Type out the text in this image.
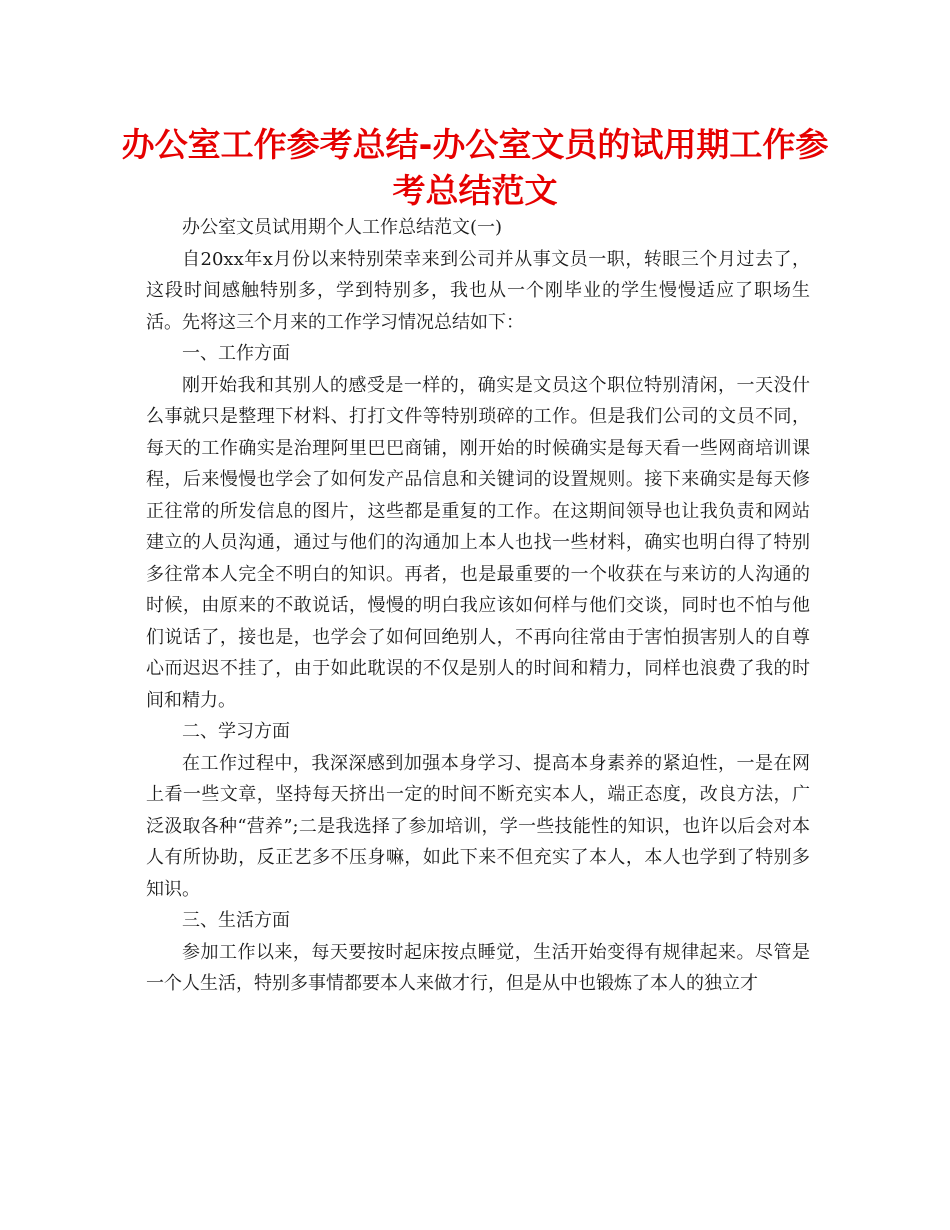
办公室工作参考总结-办公室文员的试用期工作参考总结范文

办公室文员试用期个人工作总结范文(一)

自20xx年x月份以来特别荣幸来到公司并从事文员一职，转眼三个月过去了，这段时间感触特别多，学到特别多，我也从一个刚毕业的学生慢慢适应了职场生活。先将这三个月来的工作学习情况总结如下：

一、工作方面

刚开始我和其别人的感受是一样的，确实是文员这个职位特别清闲，一天没什么事就只是整理下材料、打打文件等特别琐碎的工作。但是我们公司的文员不同，每天的工作确实是治理阿里巴巴商铺，刚开始的时候确实是每天看一些网商培训课程，后来慢慢也学会了如何发产品信息和关键词的设置规则。接下来确实是每天修正往常的所发信息的图片，这些都是重复的工作。在这期间领导也让我负责和网站建立的人员沟通，通过与他们的沟通加上本人也找一些材料，确实也明白得了特别多往常本人完全不明白的知识。再者，也是最重要的一个收获在与来访的人沟通的时候，由原来的不敢说话，慢慢的明白我应该如何样与他们交谈，同时也不怕与他们说话了，接也是，也学会了如何回绝别人，不再向往常由于害怕损害别人的自尊心而迟迟不挂了，由于如此耽误的不仅是别人的时间和精力，同样也浪费了我的时间和精力。

二、学习方面

在工作过程中，我深深感到加强本身学习、提高本身素养的紧迫性，一是在网上看一些文章，坚持每天挤出一定的时间不断充实本人，端正态度，改良方法，广泛汲取各种“营养”;二是我选择了参加培训，学一些技能性的知识，也许以后会对本人有所协助，反正艺多不压身嘛，如此下来不但充实了本人，本人也学到了特别多知识。

三、生活方面

参加工作以来，每天要按时起床按点睡觉，生活开始变得有规律起来。尽管是一个人生活，特别多事情都要本人来做才行，但是从中也锻炼了本人的独立才
